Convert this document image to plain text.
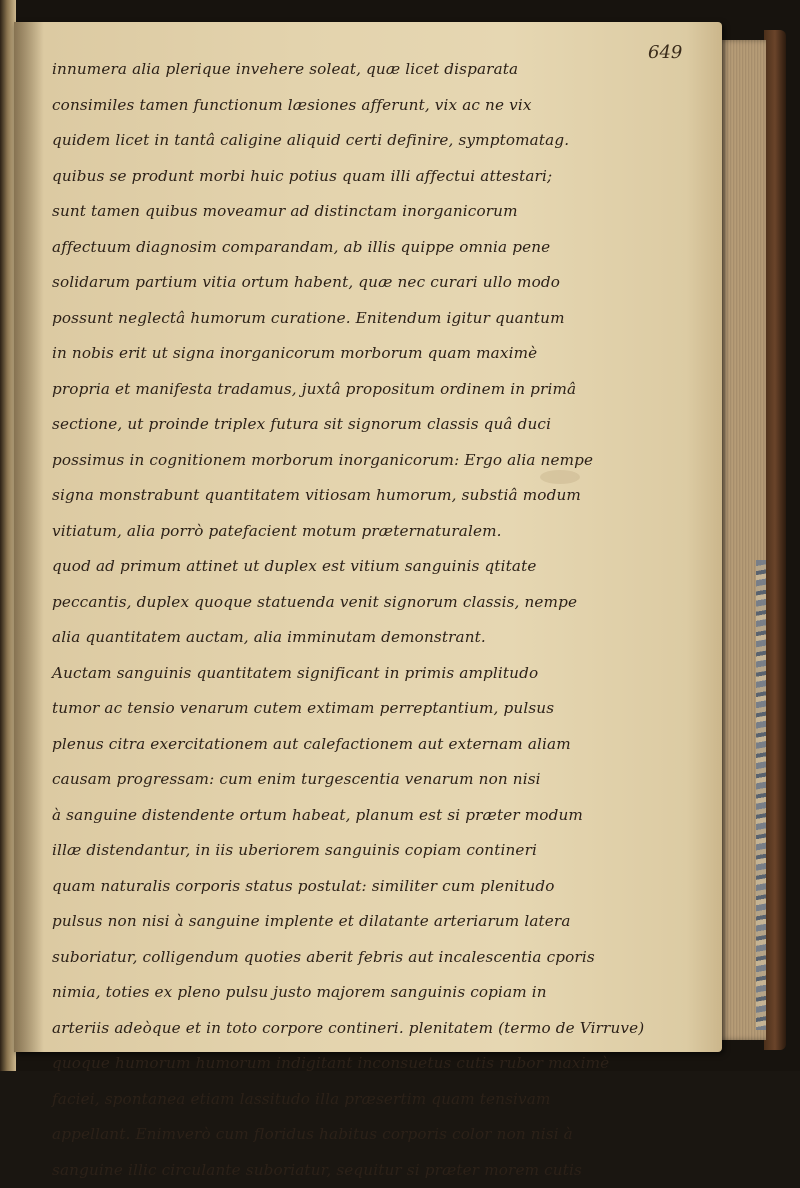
649
innumera alia plerique invehere soleat, quæ licet disparata
consimiles tamen functionum læsiones afferunt, vix ac ne vix
quidem licet in tantâ caligine aliquid certi definire, symptomatag.
quibus se produnt morbi huic potius quam illi affectui attestari;
sunt tamen quibus moveamur ad distinctam inorganicorum
affectuum diagnosim comparandam, ab illis quippe omnia pene
solidarum partium vitia ortum habent, quæ nec curari ullo modo
possunt neglectâ humorum curatione. Enitendum igitur quantum
in nobis erit ut signa inorganicorum morborum quam maximè
propria et manifesta tradamus, juxtâ propositum ordinem in primâ
sectione, ut proinde triplex futura sit signorum classis quâ duci
possimus in cognitionem morborum inorganicorum: Ergo alia nempe
signa monstrabunt quantitatem vitiosam humorum, substiâ modum
vitiatum, alia porrò patefacient motum præternaturalem.
quod ad primum attinet ut duplex est vitium sanguinis qtitate
peccantis, duplex quoque statuenda venit signorum classis, nempe
alia quantitatem auctam, alia imminutam demonstrant.
Auctam sanguinis quantitatem significant in primis amplitudo
tumor ac tensio venarum cutem extimam perreptantium, pulsus
plenus citra exercitationem aut calefactionem aut externam aliam
causam progressam: cum enim turgescentia venarum non nisi
à sanguine distendente ortum habeat, planum est si præter modum
illæ distendantur, in iis uberiorem sanguinis copiam contineri
quam naturalis corporis status postulat: similiter cum plenitudo
pulsus non nisi à sanguine implente et dilatante arteriarum latera
suboriatur, colligendum quoties aberit febris aut incalescentia cporis
nimia, toties ex pleno pulsu justo majorem sanguinis copiam in
arteriis adeòque et in toto corpore contineri. plenitatem (termo de Virruve)
quoque humorum humorum indigitant inconsuetus cutis rubor maximè
faciei, spontanea etiam lassitudo illa præsertim quam tensivam
appellant. Enimverò cum floridus habitus corporis color non nisi à
sanguine illic circulante suboriatur, sequitur si præter morem cutis
